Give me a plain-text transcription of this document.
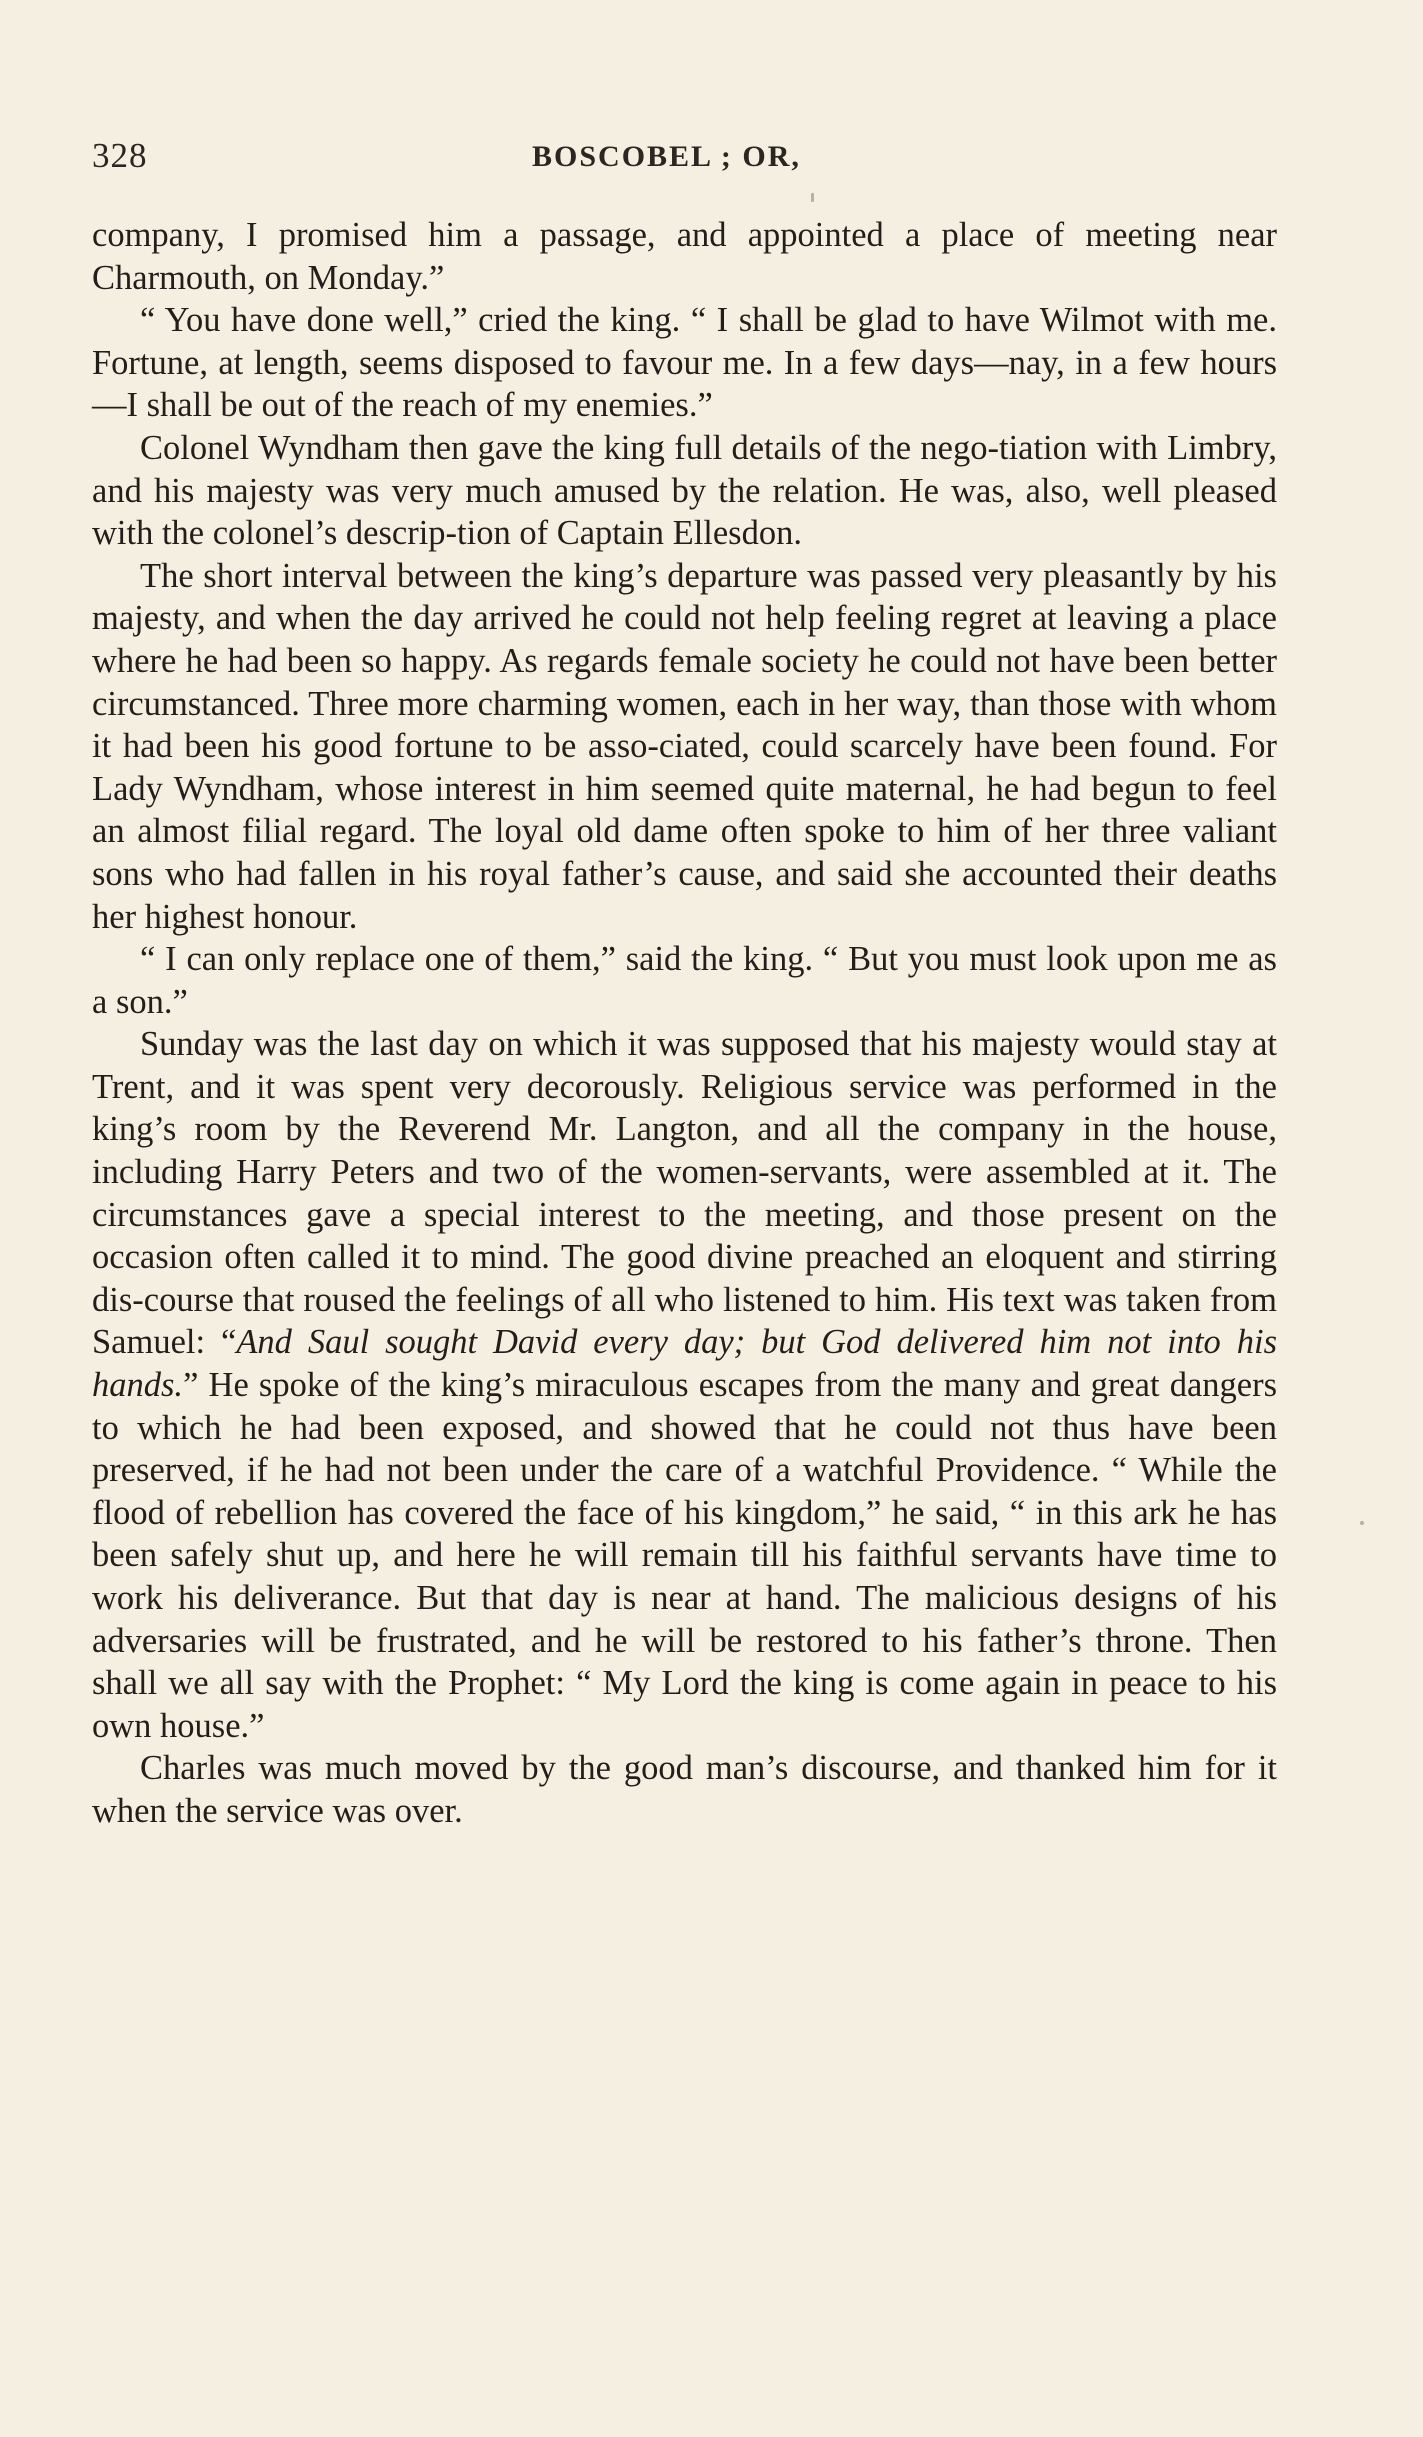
328	BOSCOBEL ; OR,

company, I promised him a passage, and appointed a place of meeting near Charmouth, on Monday.”

“ You have done well,” cried the king. “ I shall be glad to have Wilmot with me. Fortune, at length, seems disposed to favour me. In a few days—nay, in a few hours—I shall be out of the reach of my enemies.”

Colonel Wyndham then gave the king full details of the nego-tiation with Limbry, and his majesty was very much amused by the relation. He was, also, well pleased with the colonel’s descrip-tion of Captain Ellesdon.

The short interval between the king’s departure was passed very pleasantly by his majesty, and when the day arrived he could not help feeling regret at leaving a place where he had been so happy. As regards female society he could not have been better circumstanced. Three more charming women, each in her way, than those with whom it had been his good fortune to be asso-ciated, could scarcely have been found. For Lady Wyndham, whose interest in him seemed quite maternal, he had begun to feel an almost filial regard. The loyal old dame often spoke to him of her three valiant sons who had fallen in his royal father’s cause, and said she accounted their deaths her highest honour.

“ I can only replace one of them,” said the king. “ But you must look upon me as a son.”

Sunday was the last day on which it was supposed that his majesty would stay at Trent, and it was spent very decorously. Religious service was performed in the king’s room by the Reverend Mr. Langton, and all the company in the house, including Harry Peters and two of the women-servants, were assembled at it. The circumstances gave a special interest to the meeting, and those present on the occasion often called it to mind. The good divine preached an eloquent and stirring dis-course that roused the feelings of all who listened to him. His text was taken from Samuel: “And Saul sought David every day; but God delivered him not into his hands.” He spoke of the king’s miraculous escapes from the many and great dangers to which he had been exposed, and showed that he could not thus have been preserved, if he had not been under the care of a watchful Providence. “ While the flood of rebellion has covered the face of his kingdom,” he said, “ in this ark he has been safely shut up, and here he will remain till his faithful servants have time to work his deliverance. But that day is near at hand. The malicious designs of his adversaries will be frustrated, and he will be restored to his father’s throne. Then shall we all say with the Prophet: “ My Lord the king is come again in peace to his own house.”

Charles was much moved by the good man’s discourse, and thanked him for it when the service was over.
